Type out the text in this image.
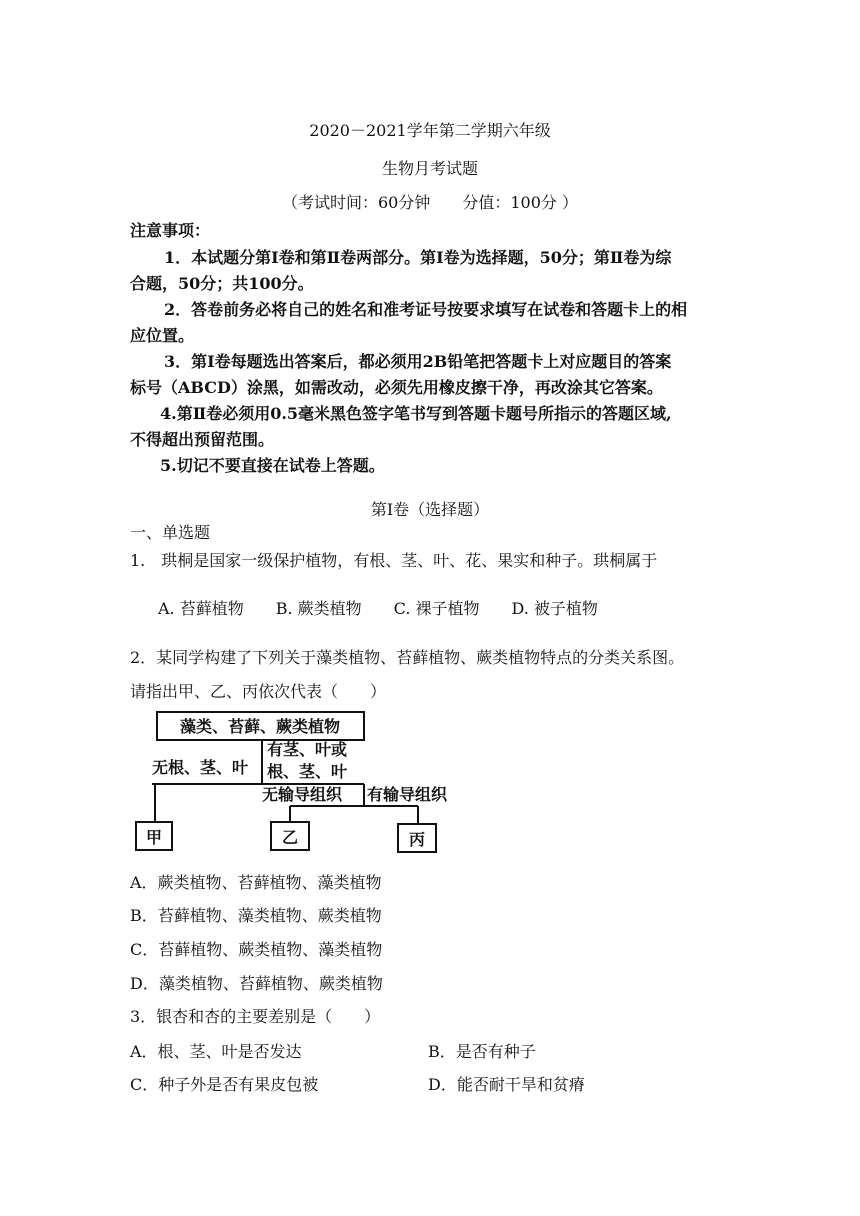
2020－2021学年第二学期六年级
生物月考试题
（考试时间：60分钟　　分值：100分 ）
注意事项：
1．本试题分第Ⅰ卷和第Ⅱ卷两部分。第Ⅰ卷为选择题，50分；第Ⅱ卷为综
合题，50分；共100分。
2．答卷前务必将自己的姓名和准考证号按要求填写在试卷和答题卡上的相
应位置。
3．第Ⅰ卷每题选出答案后，都必须用2B铅笔把答题卡上对应题目的答案
标号（ABCD）涂黑，如需改动，必须先用橡皮擦干净，再改涂其它答案。
4.第Ⅱ卷必须用0.5毫米黑色签字笔书写到答题卡题号所指示的答题区域,
不得超出预留范围。
5.切记不要直接在试卷上答题。
第Ⅰ卷（选择题）
一、单选题
1.　珙桐是国家一级保护植物，有根、茎、叶、花、果实和种子。珙桐属于
A. 苔藓植物　　B. 蕨类植物　　C. 裸子植物　　D. 被子植物
2．某同学构建了下列关于藻类植物、苔藓植物、蕨类植物特点的分类关系图。
请指出甲、乙、丙依次代表（　　）
藻类、苔藓、蕨类植物
无根、茎、叶
有茎、叶或
根、茎、叶
无输导组织 有输导组织
甲	乙	丙
A．蕨类植物、苔藓植物、藻类植物
B．苔藓植物、藻类植物、蕨类植物
C．苔藓植物、蕨类植物、藻类植物
D．藻类植物、苔藓植物、蕨类植物
3．银杏和杏的主要差别是（　　）
A．根、茎、叶是否发达	B．是否有种子
C．种子外是否有果皮包被	D．能否耐干旱和贫瘠
